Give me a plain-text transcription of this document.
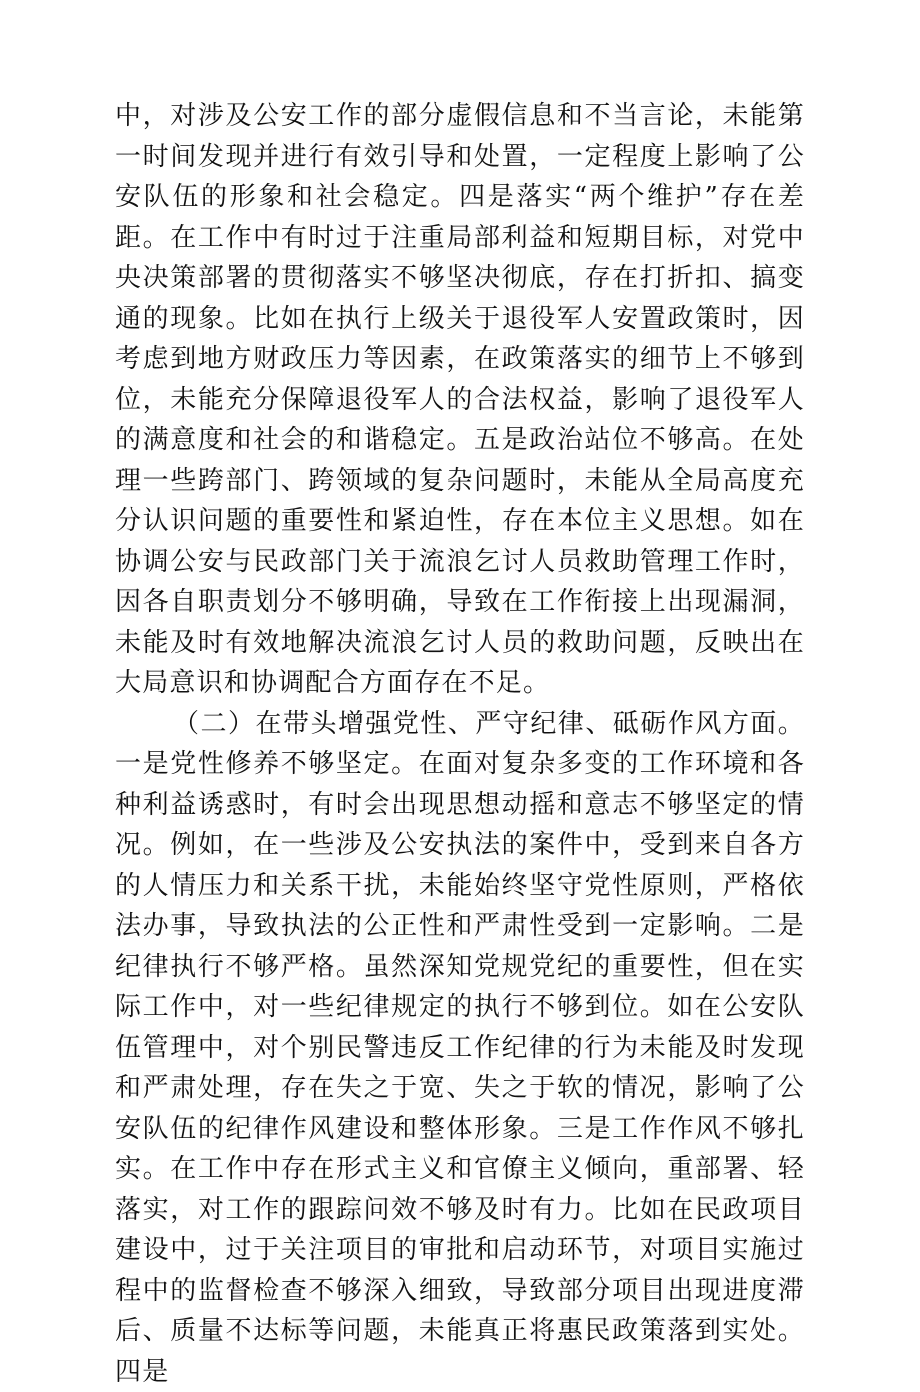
中，对涉及公安工作的部分虚假信息和不当言论，未能第一时间发现并进行有效引导和处置，一定程度上影响了公安队伍的形象和社会稳定。四是落实“两个维护”存在差距。在工作中有时过于注重局部利益和短期目标，对党中央决策部署的贯彻落实不够坚决彻底，存在打折扣、搞变通的现象。比如在执行上级关于退役军人安置政策时，因考虑到地方财政压力等因素，在政策落实的细节上不够到位，未能充分保障退役军人的合法权益，影响了退役军人的满意度和社会的和谐稳定。五是政治站位不够高。在处理一些跨部门、跨领域的复杂问题时，未能从全局高度充分认识问题的重要性和紧迫性，存在本位主义思想。如在协调公安与民政部门关于流浪乞讨人员救助管理工作时，因各自职责划分不够明确，导致在工作衔接上出现漏洞，未能及时有效地解决流浪乞讨人员的救助问题，反映出在大局意识和协调配合方面存在不足。

（二）在带头增强党性、严守纪律、砥砺作风方面。一是党性修养不够坚定。在面对复杂多变的工作环境和各种利益诱惑时，有时会出现思想动摇和意志不够坚定的情况。例如，在一些涉及公安执法的案件中，受到来自各方的人情压力和关系干扰，未能始终坚守党性原则，严格依法办事，导致执法的公正性和严肃性受到一定影响。二是纪律执行不够严格。虽然深知党规党纪的重要性，但在实际工作中，对一些纪律规定的执行不够到位。如在公安队伍管理中，对个别民警违反工作纪律的行为未能及时发现和严肃处理，存在失之于宽、失之于软的情况，影响了公安队伍的纪律作风建设和整体形象。三是工作作风不够扎实。在工作中存在形式主义和官僚主义倾向，重部署、轻落实，对工作的跟踪问效不够及时有力。比如在民政项目建设中，过于关注项目的审批和启动环节，对项目实施过程中的监督检查不够深入细致，导致部分项目出现进度滞后、质量不达标等问题，未能真正将惠民政策落到实处。四是
